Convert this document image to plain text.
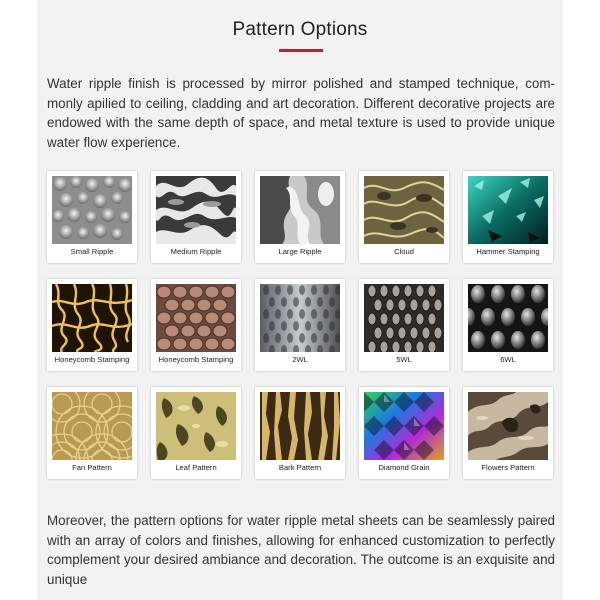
Pattern Options

Water ripple finish is processed by mirror polished and stamped technique, com-monly apilied to ceiling, cladding and art decoration. Different decorative projects are endowed with the same depth of space, and metal texture is used to provide unique water flow experience.

Small Ripple	Medium Ripple	Large Ripple	Cloud	Hammer Stamping
Honeycomb Stamping	Honeycomb Stamping	2WL	5WL	6WL
Fan Pattern	Leaf Pattern	Bark Pattern	Diamond Grain	Flowers Pattern

Moreover, the pattern options for water ripple metal sheets can be seamlessly paired with an array of colors and finishes, allowing for enhanced customization to perfectly complement your desired ambiance and decoration. The outcome is an exquisite and unique
